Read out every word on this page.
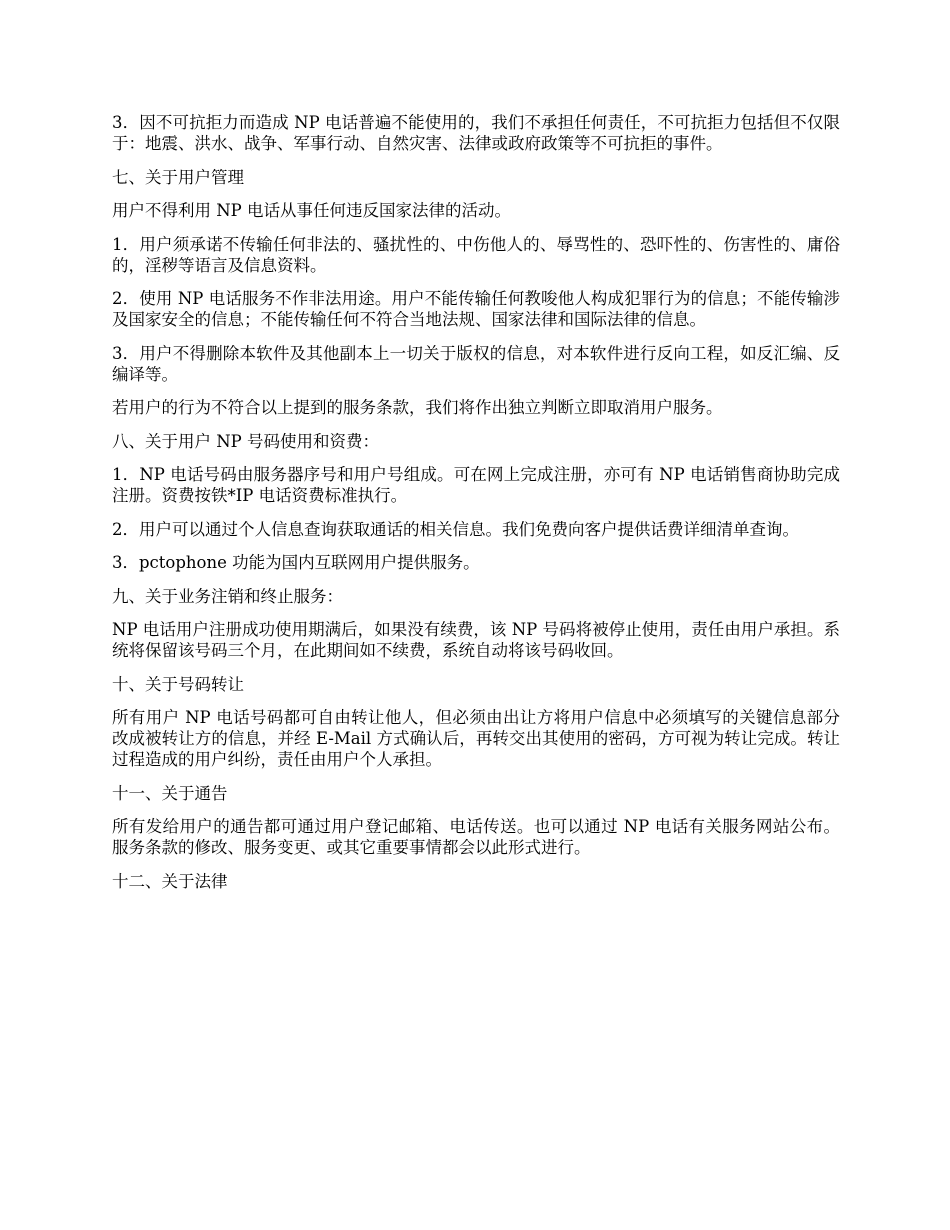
3．因不可抗拒力而造成 NP 电话普遍不能使用的，我们不承担任何责任，不可抗拒力包括但不仅限于：地震、洪水、战争、军事行动、自然灾害、法律或政府政策等不可抗拒的事件。

七、关于用户管理

用户不得利用 NP 电话从事任何违反国家法律的活动。

1．用户须承诺不传输任何非法的、骚扰性的、中伤他人的、辱骂性的、恐吓性的、伤害性的、庸俗的，淫秽等语言及信息资料。

2．使用 NP 电话服务不作非法用途。用户不能传输任何教唆他人构成犯罪行为的信息；不能传输涉及国家安全的信息；不能传输任何不符合当地法规、国家法律和国际法律的信息。

3．用户不得删除本软件及其他副本上一切关于版权的信息，对本软件进行反向工程，如反汇编、反编译等。

若用户的行为不符合以上提到的服务条款，我们将作出独立判断立即取消用户服务。

八、关于用户 NP 号码使用和资费：

1．NP 电话号码由服务器序号和用户号组成。可在网上完成注册，亦可有 NP 电话销售商协助完成注册。资费按铁*IP 电话资费标准执行。

2．用户可以通过个人信息查询获取通话的相关信息。我们免费向客户提供话费详细清单查询。

3．pctophone 功能为国内互联网用户提供服务。

九、关于业务注销和终止服务：

NP 电话用户注册成功使用期满后，如果没有续费，该 NP 号码将被停止使用，责任由用户承担。系统将保留该号码三个月，在此期间如不续费，系统自动将该号码收回。

十、关于号码转让

所有用户 NP 电话号码都可自由转让他人，但必须由出让方将用户信息中必须填写的关键信息部分改成被转让方的信息，并经 E-Mail 方式确认后，再转交出其使用的密码，方可视为转让完成。转让过程造成的用户纠纷，责任由用户个人承担。

十一、关于通告

所有发给用户的通告都可通过用户登记邮箱、电话传送。也可以通过 NP 电话有关服务网站公布。服务条款的修改、服务变更、或其它重要事情都会以此形式进行。

十二、关于法律
